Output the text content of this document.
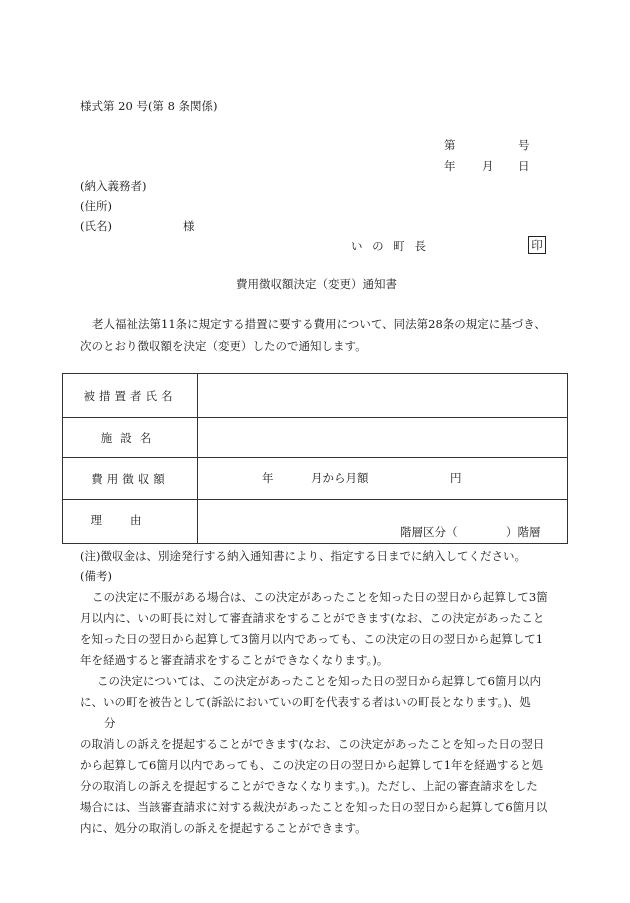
様式第 20 号(第 8 条関係)
第	号
年 月 日
(納入義務者)
(住所)
(氏名)	様
い の 町 長	印
費用徴収額決定（変更）通知書
老人福祉法第11条に規定する措置に要する費用について、同法第28条の規定に基づき、
次のとおり徴収額を決定（変更）したので通知します。
被措置者氏名	
施設名	
費用徴収額	年 月から月額 円

理由	階層区分（ ）階層
(注)徴収金は、別途発行する納入通知書により、指定する日までに納入してください。
(備考)
この決定に不服がある場合は、この決定があったことを知った日の翌日から起算して3箇
月以内に、いの町長に対して審査請求をすることができます(なお、この決定があったこと
を知った日の翌日から起算して3箇月以内であっても、この決定の日の翌日から起算して1
年を経過すると審査請求をすることができなくなります。)。
この決定については、この決定があったことを知った日の翌日から起算して6箇月以内
に、いの町を被告として(訴訟においていの町を代表する者はいの町長となります。)、処
分
の取消しの訴えを提起することができます(なお、この決定があったことを知った日の翌日
から起算して6箇月以内であっても、この決定の日の翌日から起算して1年を経過すると処
分の取消しの訴えを提起することができなくなります。)。ただし、上記の審査請求をした
場合には、当該審査請求に対する裁決があったことを知った日の翌日から起算して6箇月以
内に、処分の取消しの訴えを提起することができます。
